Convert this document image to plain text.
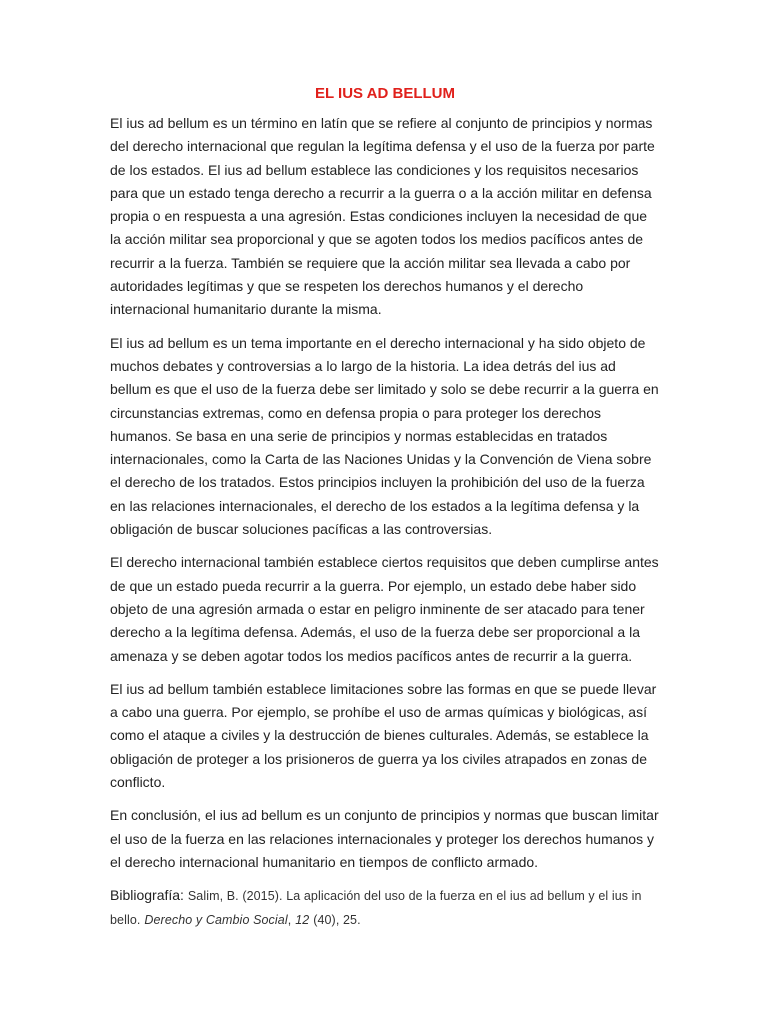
EL IUS AD BELLUM

El ius ad bellum es un término en latín que se refiere al conjunto de principios y normas del derecho internacional que regulan la legítima defensa y el uso de la fuerza por parte de los estados. El ius ad bellum establece las condiciones y los requisitos necesarios para que un estado tenga derecho a recurrir a la guerra o a la acción militar en defensa propia o en respuesta a una agresión. Estas condiciones incluyen la necesidad de que la acción militar sea proporcional y que se agoten todos los medios pacíficos antes de recurrir a la fuerza. También se requiere que la acción militar sea llevada a cabo por autoridades legítimas y que se respeten los derechos humanos y el derecho internacional humanitario durante la misma.

El ius ad bellum es un tema importante en el derecho internacional y ha sido objeto de muchos debates y controversias a lo largo de la historia. La idea detrás del ius ad bellum es que el uso de la fuerza debe ser limitado y solo se debe recurrir a la guerra en circunstancias extremas, como en defensa propia o para proteger los derechos humanos. Se basa en una serie de principios y normas establecidas en tratados internacionales, como la Carta de las Naciones Unidas y la Convención de Viena sobre el derecho de los tratados. Estos principios incluyen la prohibición del uso de la fuerza en las relaciones internacionales, el derecho de los estados a la legítima defensa y la obligación de buscar soluciones pacíficas a las controversias.

El derecho internacional también establece ciertos requisitos que deben cumplirse antes de que un estado pueda recurrir a la guerra. Por ejemplo, un estado debe haber sido objeto de una agresión armada o estar en peligro inminente de ser atacado para tener derecho a la legítima defensa. Además, el uso de la fuerza debe ser proporcional a la amenaza y se deben agotar todos los medios pacíficos antes de recurrir a la guerra.

El ius ad bellum también establece limitaciones sobre las formas en que se puede llevar a cabo una guerra. Por ejemplo, se prohíbe el uso de armas químicas y biológicas, así como el ataque a civiles y la destrucción de bienes culturales. Además, se establece la obligación de proteger a los prisioneros de guerra ya los civiles atrapados en zonas de conflicto.

En conclusión, el ius ad bellum es un conjunto de principios y normas que buscan limitar el uso de la fuerza en las relaciones internacionales y proteger los derechos humanos y el derecho internacional humanitario en tiempos de conflicto armado.

Bibliografía: Salim, B. (2015). La aplicación del uso de la fuerza en el ius ad bellum y el ius in bello. Derecho y Cambio Social, 12 (40), 25.
